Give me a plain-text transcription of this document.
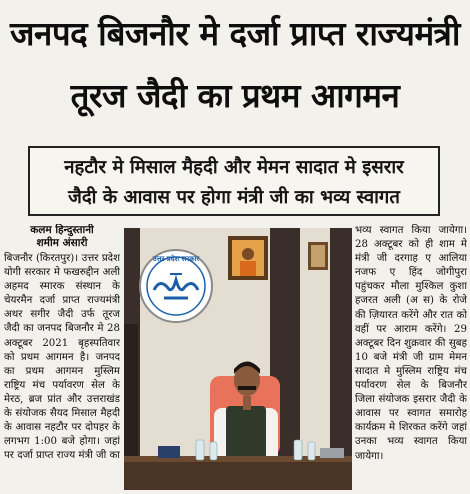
जनपद बिजनौर मे दर्जा प्राप्त राज्यमंत्री
तूरज जैदी का प्रथम आगमन
नहटौर मे मिसाल मैहदी और मेमन सादात मे इसरार
जैदी के आवास पर होगा मंत्री जी का भव्य स्वागत
कलम हिन्दुस्तानी
शमीम अंसारी
बिजनौर (किरतपुर)। उत्तर प्रदेश योगी सरकार मे फखरुद्दीन अली अहमद स्मारक संस्थान के चेयरमैन दर्जा प्राप्त राज्यमंत्री अथर सगीर जैदी उर्फ तूरज जैदी का जनपद बिजनौर मे 28 अक्टूबर 2021 बृहस्पतिवार को प्रथम आगमन है। जनपद का प्रथम आगमन मुस्लिम राष्ट्रिय मंच पर्यावरण सेल के मेरठ, ब्रज प्रांत और उत्तराखंड के संयोजक सैयद मिसाल मैहदी के आवास नहटौर पर दोपहर के लगभग 1:00 बजे होगा। जहां पर दर्जा प्राप्त राज्य मंत्री जी का
उत्तर प्रदेश सरकार
भव्य स्वागत किया जायेगा। 28 अक्टूबर को ही शाम मे मंत्री जी दरगाह ए आलिया नजफ ए हिंद जोगीपुरा पहुंचकर मौला मुश्किल कुशा हजरत अली (अ स) के रोजे की ज़ियारत करेंगे और रात को वहीं पर आराम करेंगे। 29 अक्टूबर दिन शुक्रवार की सुबह 10 बजे मंत्री जी ग्राम मेमन सादात मे मुस्लिम राष्ट्रिय मंच पर्यावरण सेल के बिजनौर जिला संयोजक इसरार जैदी के आवास पर स्वागत समारोह कार्यक्रम मे शिरकत करेंगे जहां उनका भव्य स्वागत किया जायेगा।
